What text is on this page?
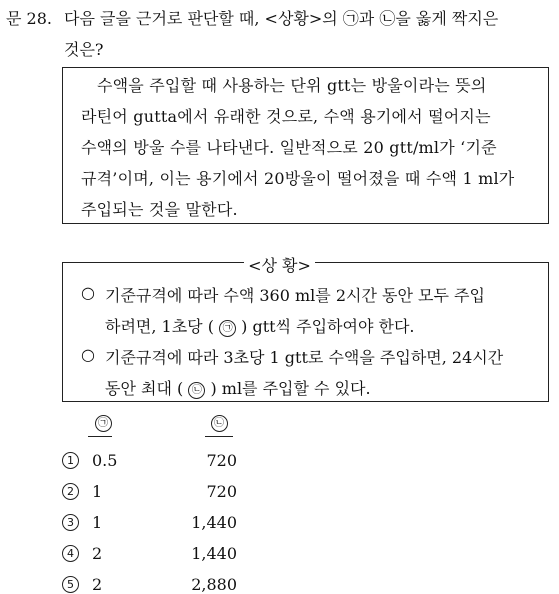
문 28. 다음 글을 근거로 판단할 때, <상황>의 ㉠과 ㉡을 옳게 짝지은
것은?
수액을 주입할 때 사용하는 단위 gtt는 방울이라는 뜻의
라틴어 gutta에서 유래한 것으로, 수액 용기에서 떨어지는
수액의 방울 수를 나타낸다. 일반적으로 20 gtt/ml가 ‘기준
규격’이며, 이는 용기에서 20방울이 떨어졌을 때 수액 1 ml가
주입되는 것을 말한다.
○ 기준규격에 따라 수액 360 ml를 2시간 동안 모두 주입
하려면, 1초당 ( ㉠ ) gtt씩 주입하여야 한다.
○ 기준규격에 따라 3초당 1 gtt로 수액을 주입하면, 24시간
동안 최대 ( ㉡ ) ml를 주입할 수 있다.
<상 황>
㉠	㉡
1	0.5	720
2	1	720
3	1	1,440
4	2	1,440
5	2	2,880
